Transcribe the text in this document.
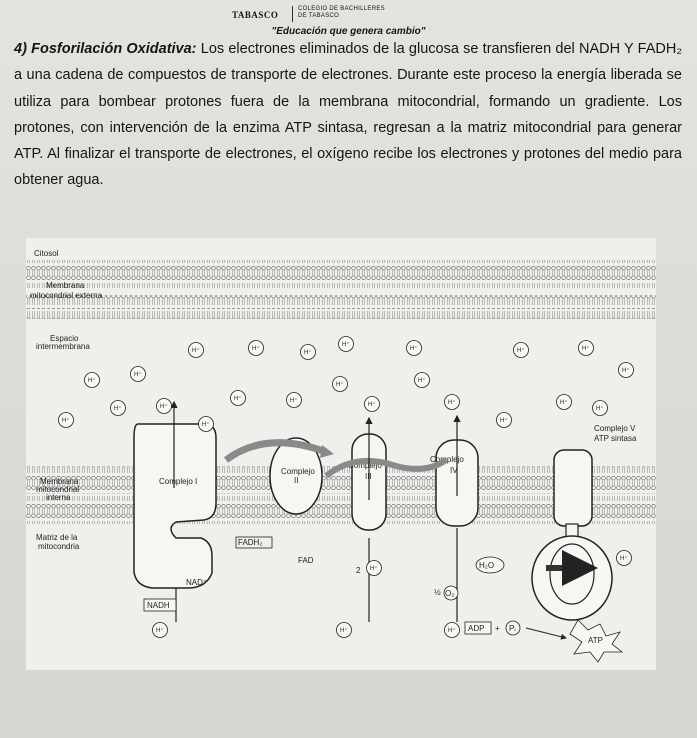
TABASCO
COLEGIO DE BACHILLERES
DE TABASCO
"Educación que genera cambio"
4) Fosforilación Oxidativa: Los electrones eliminados de la glucosa se transfieren del NADH Y FADH₂ a una cadena de compuestos de transporte de electrones. Durante este proceso la energía liberada se utiliza para bombear protones fuera de la membrana mitocondrial, formando un gradiente. Los protones, con intervención de la enzima ATP sintasa, regresan a la matriz mitocondrial para generar ATP. Al finalizar el transporte de electrones, el oxígeno recibe los electrones y protones del medio para obtener agua.
Citosol
Membrana
mitocondrial externa
Espacio
intermembrana
Membrana
mitocondrial
interna
Matriz de la
mitocondria
Complejo I
Complejo
II
Complejo
III
Complejo
IV
Complejo V
ATP sintasa
FADH₂
FAD
NAD⁺
NADH
2
H₂O
½ O₂
ADP + Pᵢ
ATP
H⁺	H⁺
H⁺
H⁺
H⁺	H⁺	H⁺
H⁺
H⁺
H⁺
H⁺
H⁺
H⁺	H⁺
H⁺	H⁺
H⁺	H⁺	H⁺
H⁺
H⁺
H⁺
H⁺
H⁺
H⁺
H⁺	H⁺	H⁺
